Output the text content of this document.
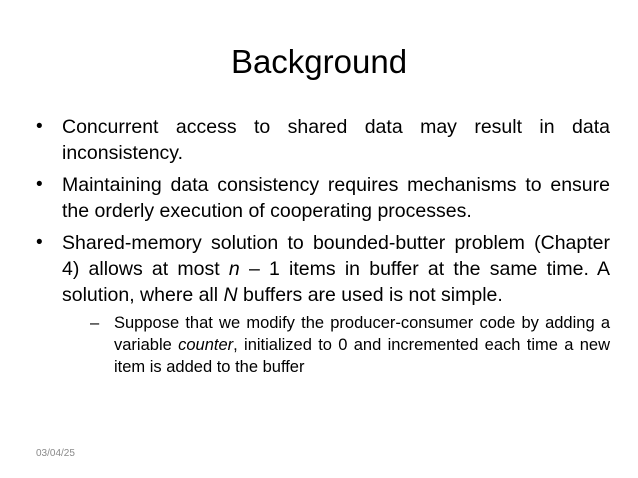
Background
• Concurrent access to shared data may result in data inconsistency.
• Maintaining data consistency requires mechanisms to ensure the orderly execution of cooperating processes.
• Shared-memory solution to bounded-butter problem (Chapter 4) allows at most n – 1 items in buffer at the same time. A solution, where all N buffers are used is not simple.
– Suppose that we modify the producer-consumer code by adding a variable counter, initialized to 0 and incremented each time a new item is added to the buffer
03/04/25
